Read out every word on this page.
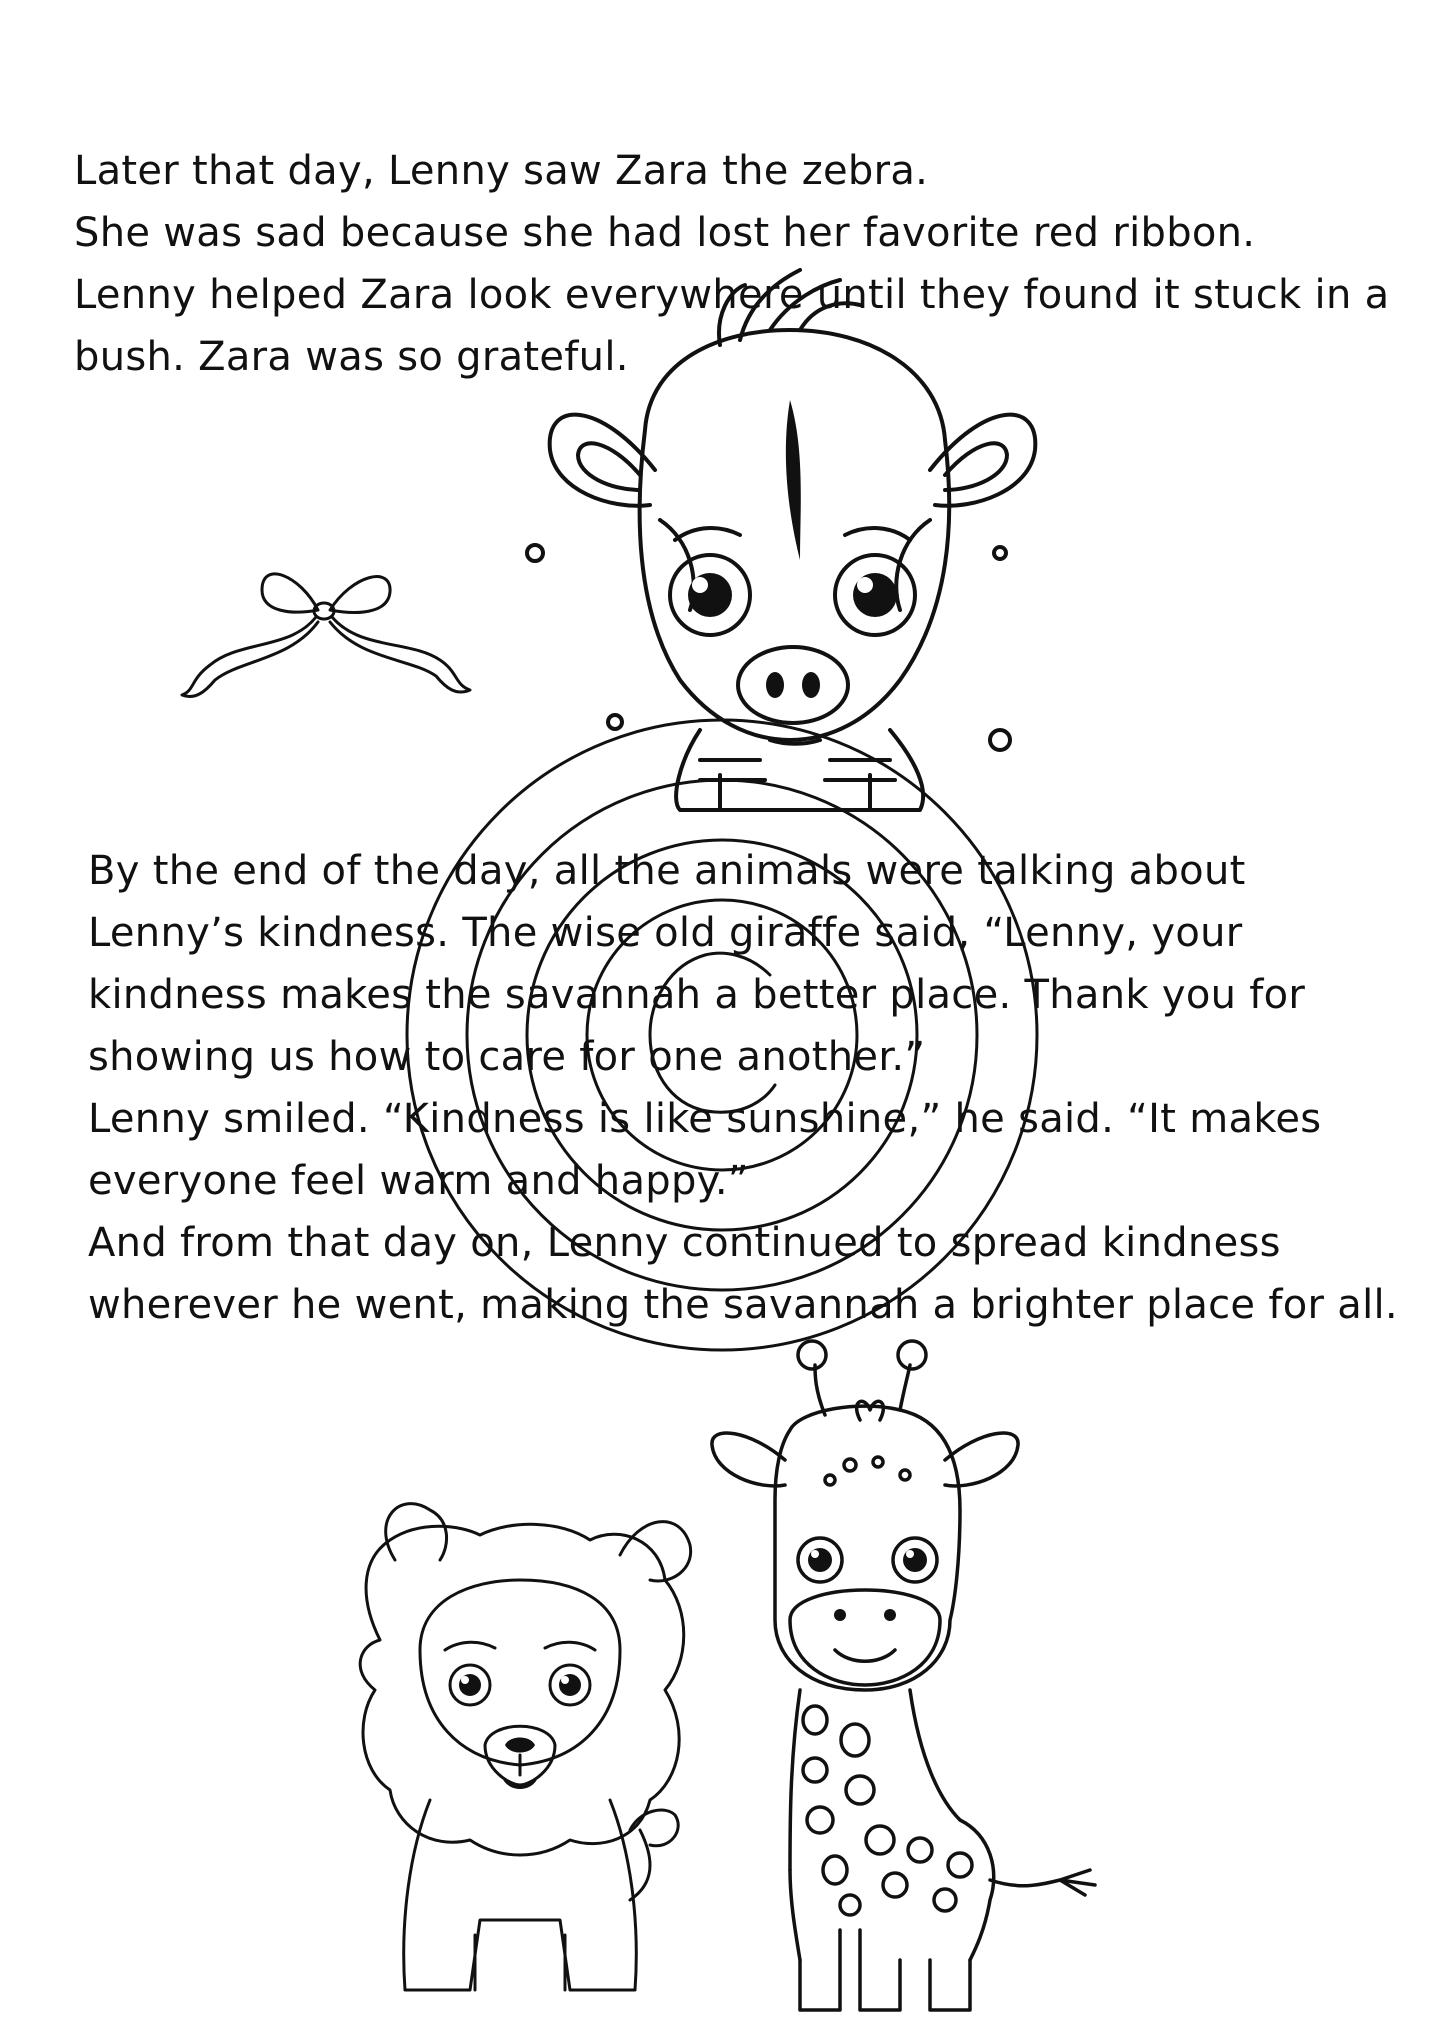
Later that day, Lenny saw Zara the zebra.
She was sad because she had lost her favorite red ribbon.
Lenny helped Zara look everywhere until they found it stuck in a
bush. Zara was so grateful.
By the end of the day, all the animals were talking about
Lenny’s kindness. The wise old giraffe said, “Lenny, your
kindness makes the savannah a better place. Thank you for
showing us how to care for one another.”
Lenny smiled. “Kindness is like sunshine,” he said. “It makes
everyone feel warm and happy.”
And from that day on, Lenny continued to spread kindness
wherever he went, making the savannah a brighter place for all.
